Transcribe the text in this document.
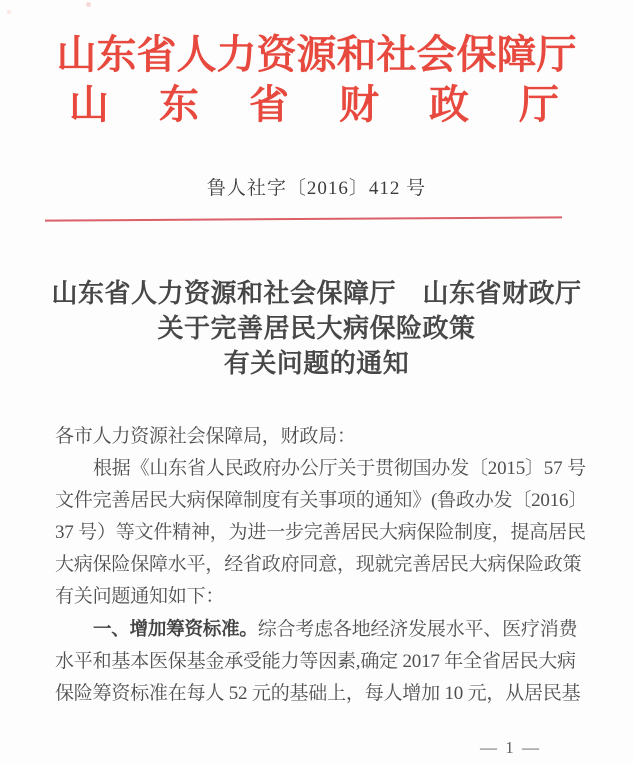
山东省人力资源和社会保障厅
山　东　省　财　政　厅
鲁人社字〔2016〕412 号
山东省人力资源和社会保障厅　山东省财政厅
关于完善居民大病保险政策
有关问题的通知
各市人力资源社会保障局，财政局：
根据《山东省人民政府办公厅关于贯彻国办发〔2015〕57 号
文件完善居民大病保障制度有关事项的通知》(鲁政办发〔2016〕
37 号）等文件精神，为进一步完善居民大病保险制度，提高居民
大病保险保障水平，经省政府同意，现就完善居民大病保险政策
有关问题通知如下：
一、增加筹资标准。综合考虑各地经济发展水平、医疗消费
水平和基本医保基金承受能力等因素,确定 2017 年全省居民大病
保险筹资标准在每人 52 元的基础上，每人增加 10 元，从居民基
— 1 —
